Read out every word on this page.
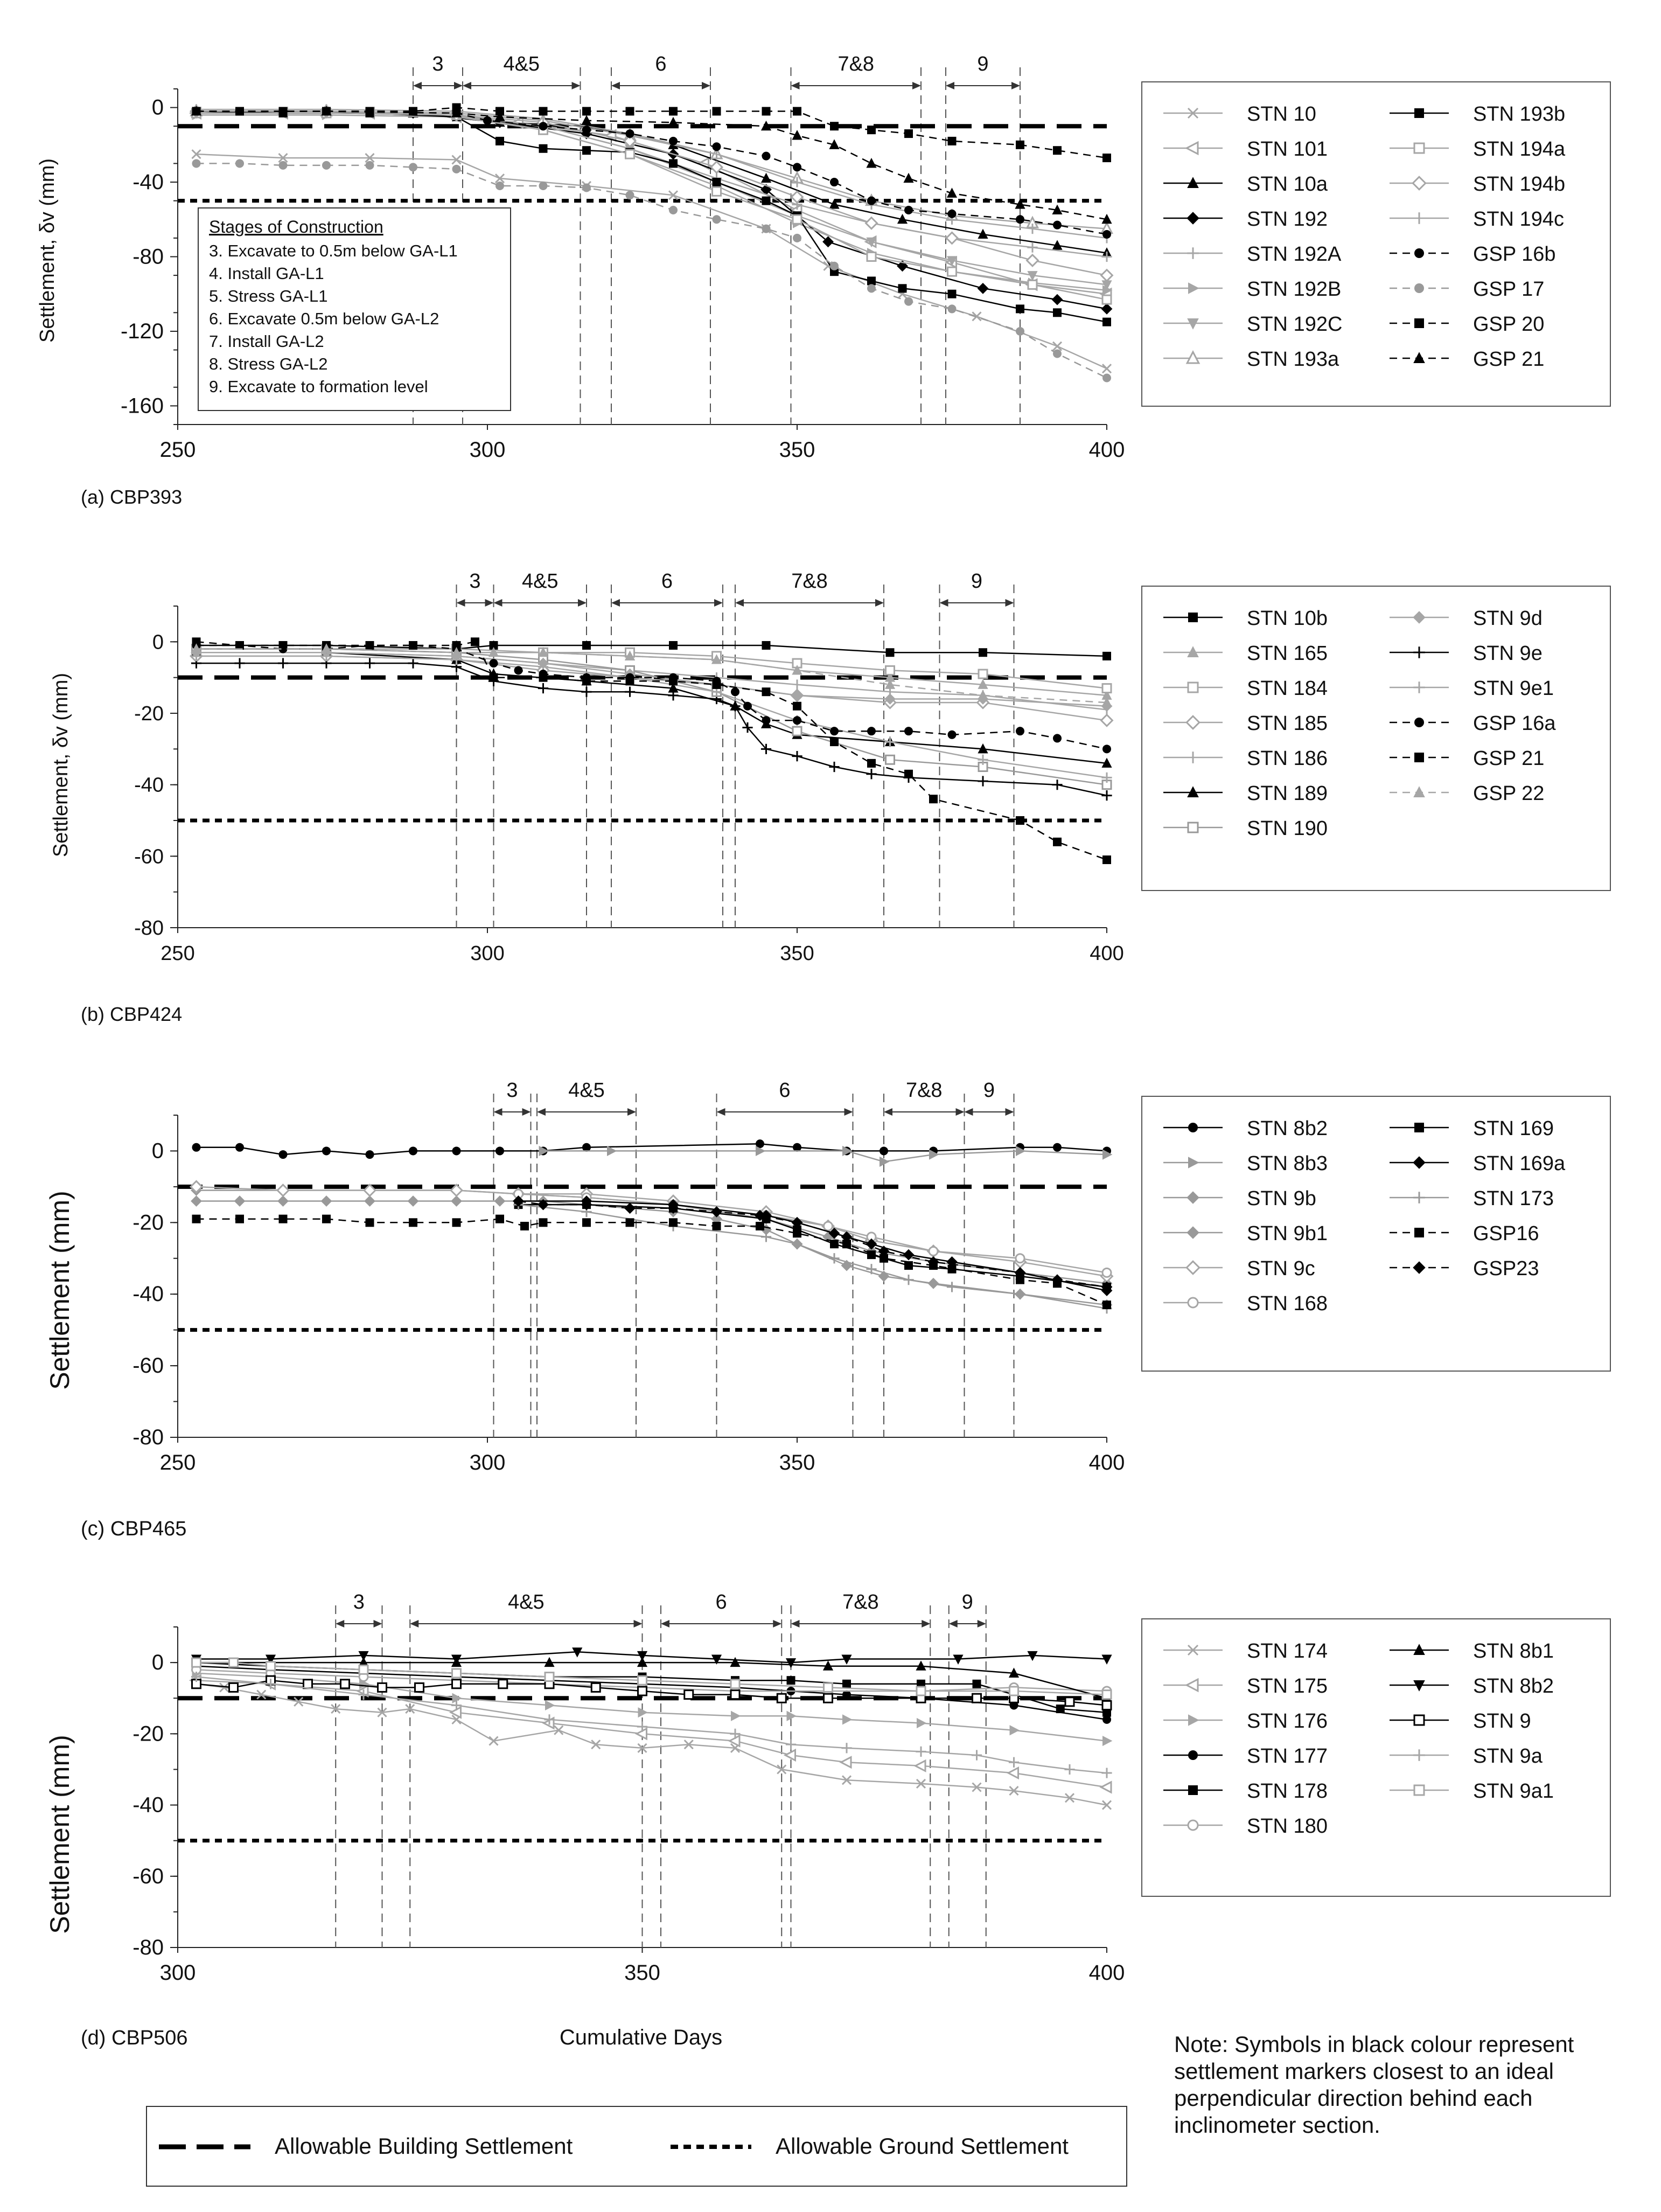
0
-40
-80
-120
-160
250	300	350	400
3	4&5	6	7&8	9
(a) CBP393
Settlement, δv (mm)
STN 10
STN 101
STN 10a
STN 192
STN 192A
STN 192B
STN 192C
STN 193a
STN 193b
STN 194a
STN 194b
STN 194c
GSP 16b
GSP 17
GSP 20
GSP 21
Stages of Construction
3. Excavate to 0.5m below GA-L1
4. Install GA-L1
5. Stress GA-L1
6. Excavate 0.5m below GA-L2
7. Install GA-L2
8. Stress GA-L2
9. Excavate to formation level
0
-20
-40
-60
-80
250	300	350	400
3 4&5	6	7&8	9
(b) CBP424
Settlement, δv (mm)
STN 10b
STN 165
STN 184
STN 185
STN 186
STN 189
STN 190
STN 9d
STN 9e
STN 9e1
GSP 16a
GSP 21
GSP 22
0
-20
-40
-60
-80
250	300	350	400
3 4&5	6	7&8 9
(c) CBP465
Settlement (mm)
STN 8b2
STN 8b3
STN 9b
STN 9b1
STN 9c
STN 168
STN 169
STN 169a
STN 173
GSP16
GSP23
0
-20
-40
-60
-80
300	350	400
3	4&5	6	7&8	9
(d) CBP506	Cumulative Days
Settlement (mm)
STN 174
STN 175
STN 176
STN 177
STN 178
STN 180
STN 8b1
STN 8b2
STN 9
STN 9a
STN 9a1
Allowable Building Settlement	Allowable Ground Settlement
Note: Symbols in black colour represent settlement markers closest to an ideal perpendicular direction behind each inclinometer section.
